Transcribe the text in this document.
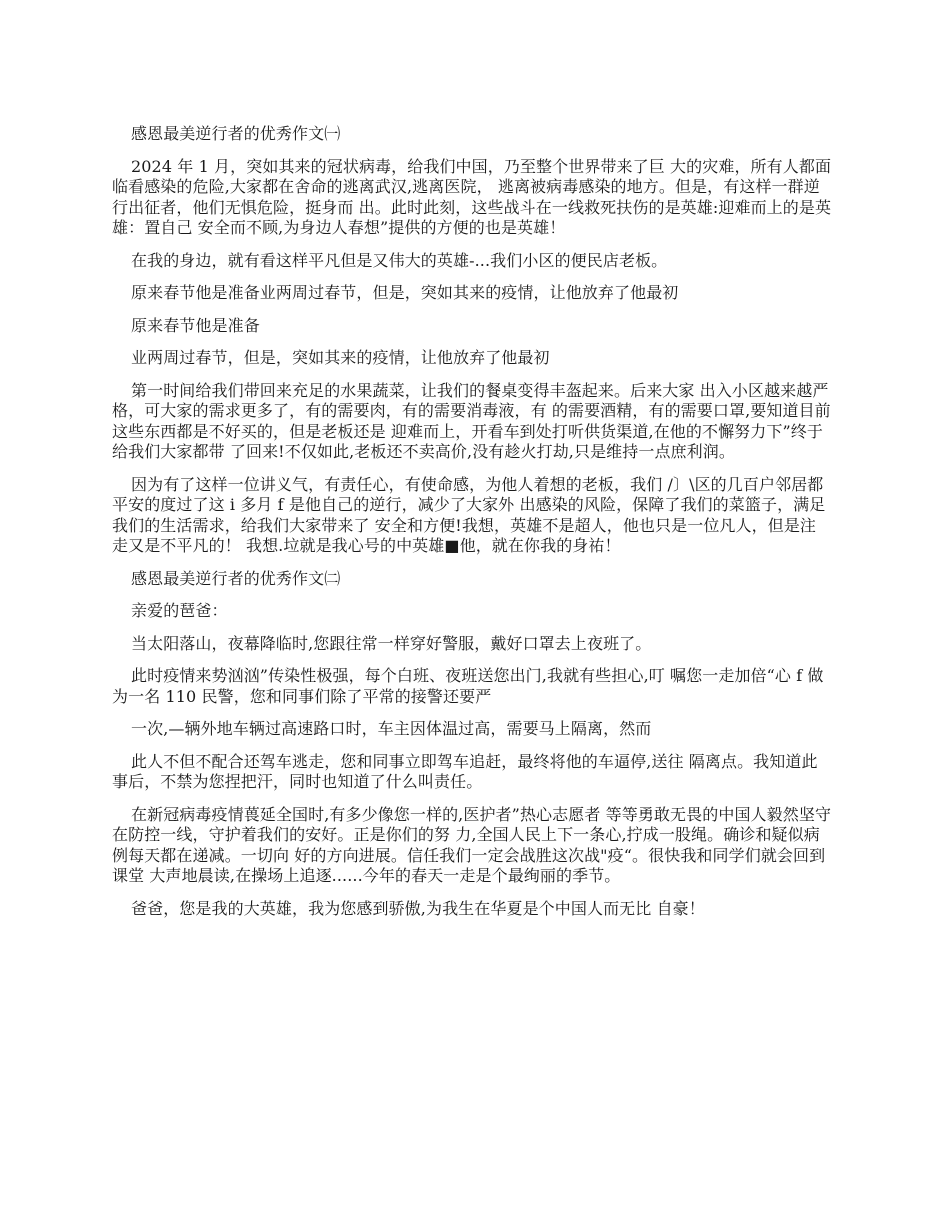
感恩最美逆行者的优秀作文㈠

2024 年 1 月，突如其来的冠状病毒，给我们中国，乃至整个世界带来了巨 大的灾难，所有人都面临看感染的危险,大家都在舍命的逃离武汉,逃离医院， 逃离被病毒感染的地方。但是，有这样一群逆行出征者，他们无惧危险，挺身而 出。此时此刻，这些战斗在一线救死扶伤的是英雄:迎难而上的是英雄：置自己 安全而不顾,为身边人春想”提供的方便的也是英雄！

在我的身边，就有看这样平凡但是又伟大的英雄-...我们小区的便民店老板。

原来春节他是准备业两周过春节，但是，突如其来的疫情，让他放弃了他最初

原来春节他是准备

业两周过春节，但是，突如其来的疫情，让他放弃了他最初

第一时间给我们带回来充足的水果蔬菜，让我们的餐桌变得丰盔起来。后来大家 出入小区越来越严格，可大家的需求更多了，有的需要肉，有的需要消毒液，有 的需要酒精，有的需要口罩,要知道目前这些东西都是不好买的，但是老板还是 迎难而上，开看车到处打听供货渠道,在他的不懈努力下”终于给我们大家都带 了回来!不仅如此,老板还不卖高价,没有趁火打劫,只是维持一点庶利润。

因为有了这样一位讲义气，有责任心，有使命感，为他人着想的老板，我们 /〕\区的几百户邻居都平安的度过了这 i 多月 f 是他自己的逆行，减少了大家外 出感染的风险，保障了我们的菜篮子，满足我们的生活需求，给我们大家带来了 安全和方便!我想，英雄不是超人，他也只是一位凡人，但是注走又是不平凡的！ 我想.垃就是我心号的中英雄■他，就在你我的身祐！

感恩最美逆行者的优秀作文㈡

亲爱的琶爸：

当太阳落山，夜幕降临时,您跟往常一样穿好警服，戴好口罩去上夜班了。

此时疫情来势汹汹”传染性极强，每个白班、夜班送您出门,我就有些担心,叮 嘱您一走加倍“心 f 做为一名 110 民警，您和同事们除了平常的接警还要严

一次,—辆外地车辆过高速路口时，车主因体温过高，需要马上隔离，然而

此人不但不配合还驾车逃走，您和同事立即驾车追赶，最终将他的车逼停,送往 隔离点。我知道此事后，不禁为您捏把汗，同时也知道了什么叫责任。

在新冠病毒疫情葨延全国时,有多少像您一样的,医护者”热心志愿者 等等勇敢无畏的中国人毅然坚守在防控一线，守护着我们的安好。正是你们的努 力,全国人民上下一条心,拧成一股绳。确诊和疑似病例每天都在递减。一切向 好的方向进展。信任我们一定会战胜这次战"疫“。很快我和同学们就会回到课堂 大声地晨读,在操场上追逐......今年的春天一走是个最绚丽的季节。

爸爸，您是我的大英雄，我为您感到骄傲,为我生在华夏是个中国人而无比 自豪！
